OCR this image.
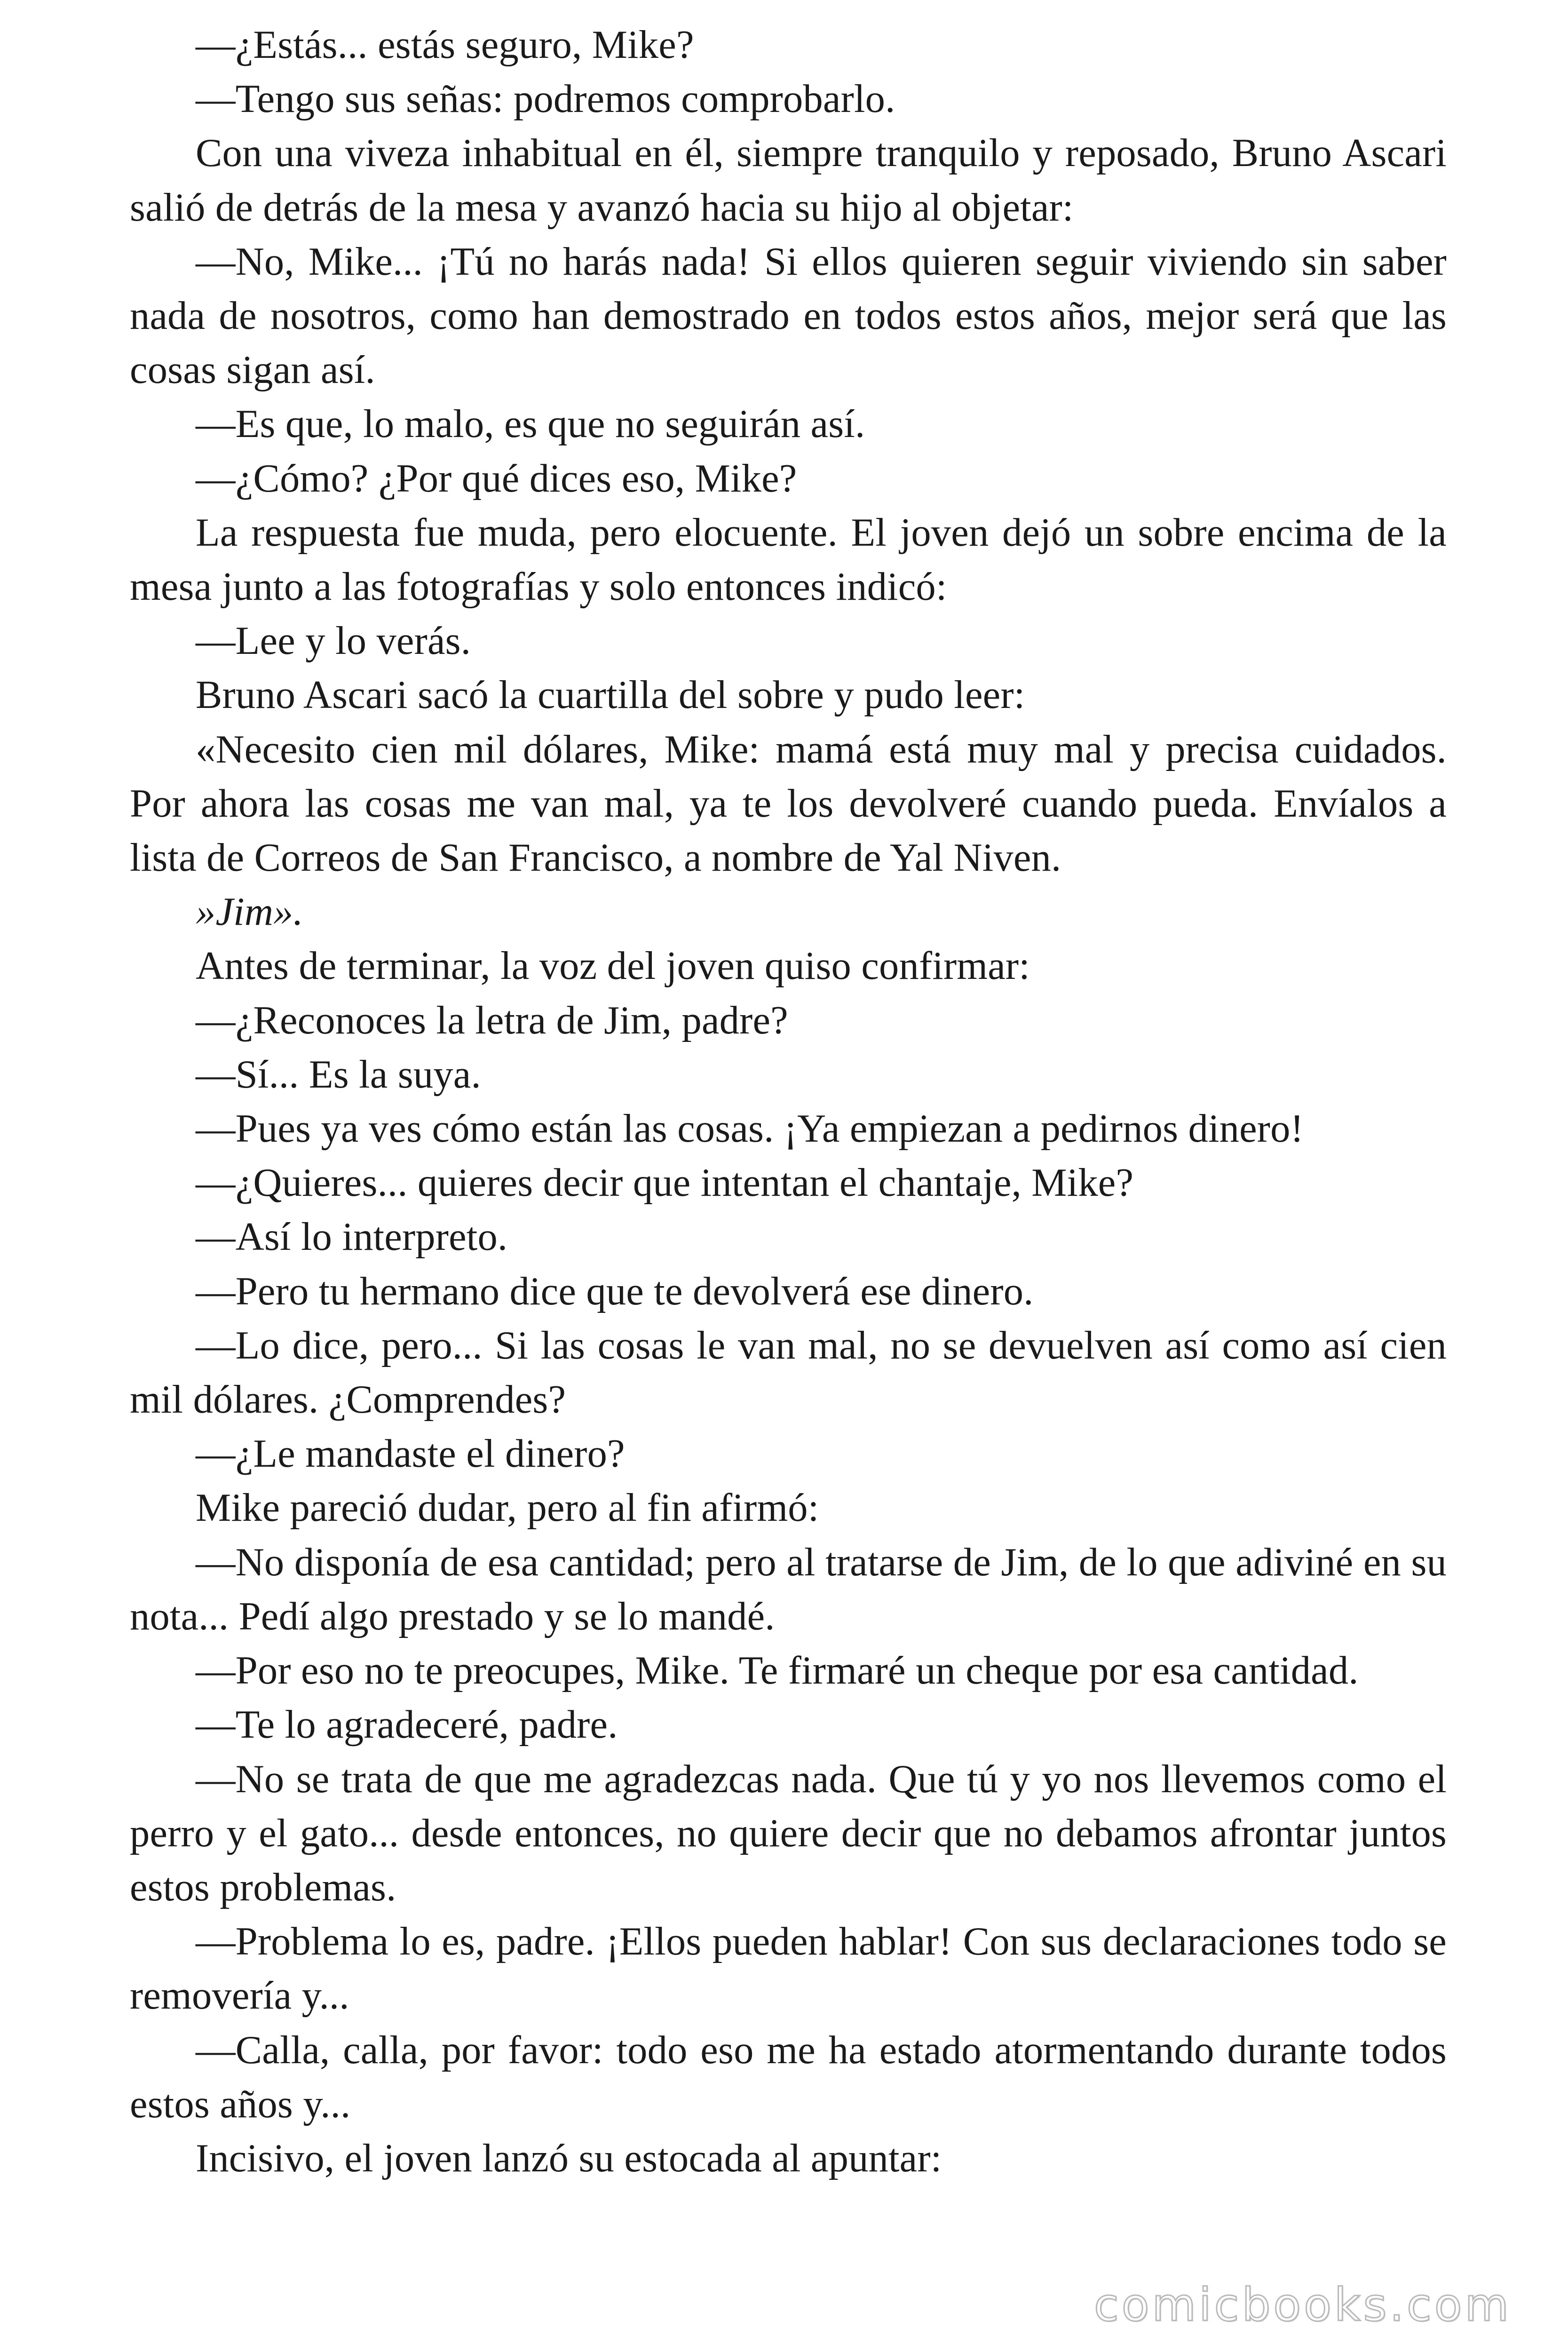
—¿Estás... estás seguro, Mike?

—Tengo sus señas: podremos comprobarlo.

Con una viveza inhabitual en él, siempre tranquilo y reposado, Bruno Ascari salió de detrás de la mesa y avanzó hacia su hijo al objetar:

—No, Mike... ¡Tú no harás nada! Si ellos quieren seguir viviendo sin saber nada de nosotros, como han demostrado en todos estos años, mejor será que las cosas sigan así.

—Es que, lo malo, es que no seguirán así.

—¿Cómo? ¿Por qué dices eso, Mike?

La respuesta fue muda, pero elocuente. El joven dejó un sobre encima de la mesa junto a las fotografías y solo entonces indicó:

—Lee y lo verás.

Bruno Ascari sacó la cuartilla del sobre y pudo leer:

«Necesito cien mil dólares, Mike: mamá está muy mal y precisa cuidados. Por ahora las cosas me van mal, ya te los devolveré cuando pueda. Envíalos a lista de Correos de San Francisco, a nombre de Yal Niven.

»Jim».

Antes de terminar, la voz del joven quiso confirmar:

—¿Reconoces la letra de Jim, padre?

—Sí... Es la suya.

—Pues ya ves cómo están las cosas. ¡Ya empiezan a pedirnos dinero!

—¿Quieres... quieres decir que intentan el chantaje, Mike?

—Así lo interpreto.

—Pero tu hermano dice que te devolverá ese dinero.

—Lo dice, pero... Si las cosas le van mal, no se devuelven así como así cien mil dólares. ¿Comprendes?

—¿Le mandaste el dinero?

Mike pareció dudar, pero al fin afirmó:

—No disponía de esa cantidad; pero al tratarse de Jim, de lo que adiviné en su nota... Pedí algo prestado y se lo mandé.

—Por eso no te preocupes, Mike. Te firmaré un cheque por esa cantidad.

—Te lo agradeceré, padre.

—No se trata de que me agradezcas nada. Que tú y yo nos llevemos como el perro y el gato... desde entonces, no quiere decir que no debamos afrontar juntos estos problemas.

—Problema lo es, padre. ¡Ellos pueden hablar! Con sus declaraciones todo se removería y...

—Calla, calla, por favor: todo eso me ha estado atormentando durante todos estos años y...

Incisivo, el joven lanzó su estocada al apuntar:

comicbooks.com
